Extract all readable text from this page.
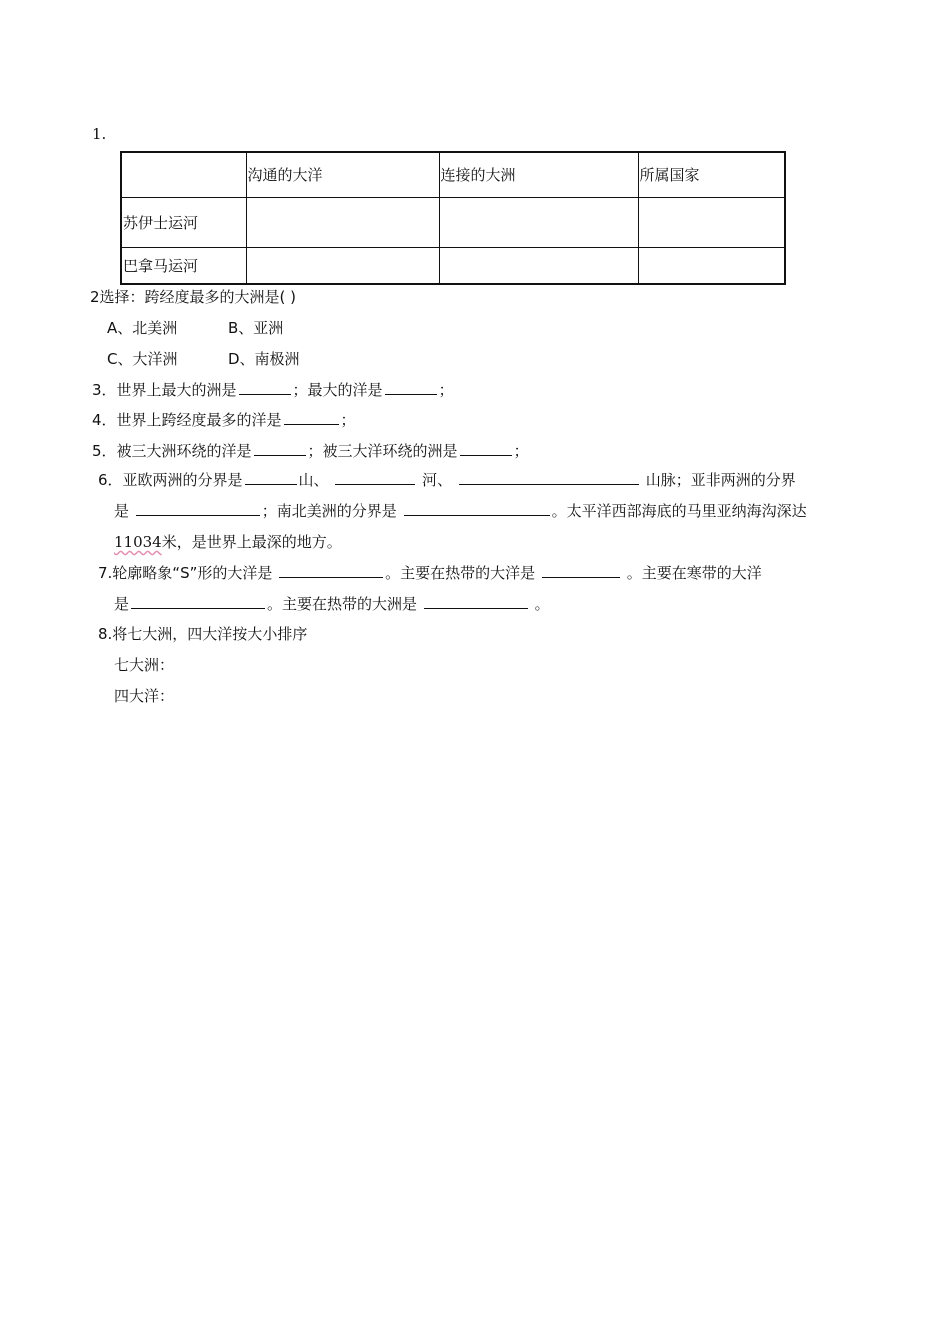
1.
	沟通的大洋	连接的大洲	所属国家
苏伊士运河			
巴拿马运河			
2选择：跨经度最多的大洲是( )
A、北美洲	B、亚洲
C、大洋洲	D、南极洲
3．世界上最大的洲是	；最大的洋是	；
4．世界上跨经度最多的洋是	；
5．被三大洲环绕的洋是	；被三大洋环绕的洲是	；
6．亚欧两洲的分界是	山、	河、	山脉；亚非两洲的分界
是	；南北美洲的分界是	。太平洋西部海底的马里亚纳海沟深达
11034米，是世界上最深的地方。
7.轮廓略象“S”形的大洋是	。主要在热带的大洋是	。主要在寒带的大洋
是	。主要在热带的大洲是	。
8.将七大洲，四大洋按大小排序
七大洲：
四大洋：
